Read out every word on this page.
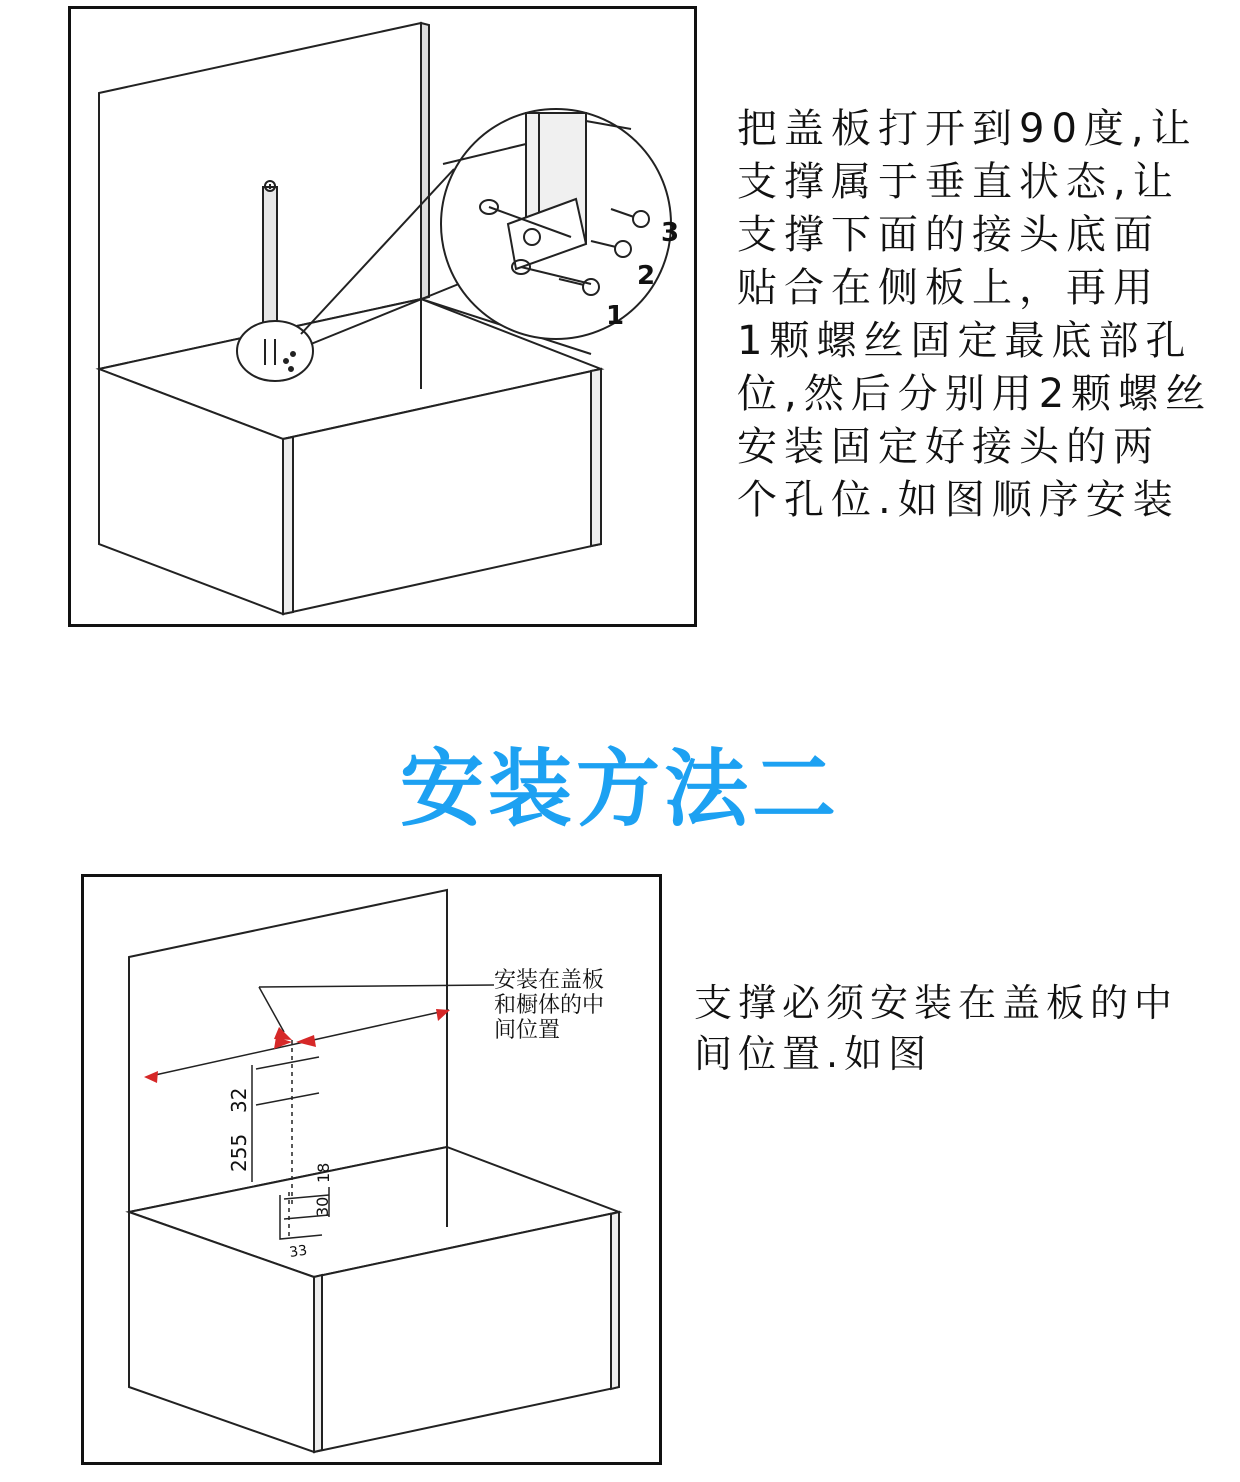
1
2
3
把盖板打开到90度,让
支撑属于垂直状态,让
支撑下面的接头底面
贴合在侧板上，再用
1颗螺丝固定最底部孔
位,然后分别用2颗螺丝
安装固定好接头的两
个孔位.如图顺序安装
安装方法二
安装在盖板
和橱体的中
间位置
32
255
18
30
33
支撑必须安装在盖板的中
间位置.如图
